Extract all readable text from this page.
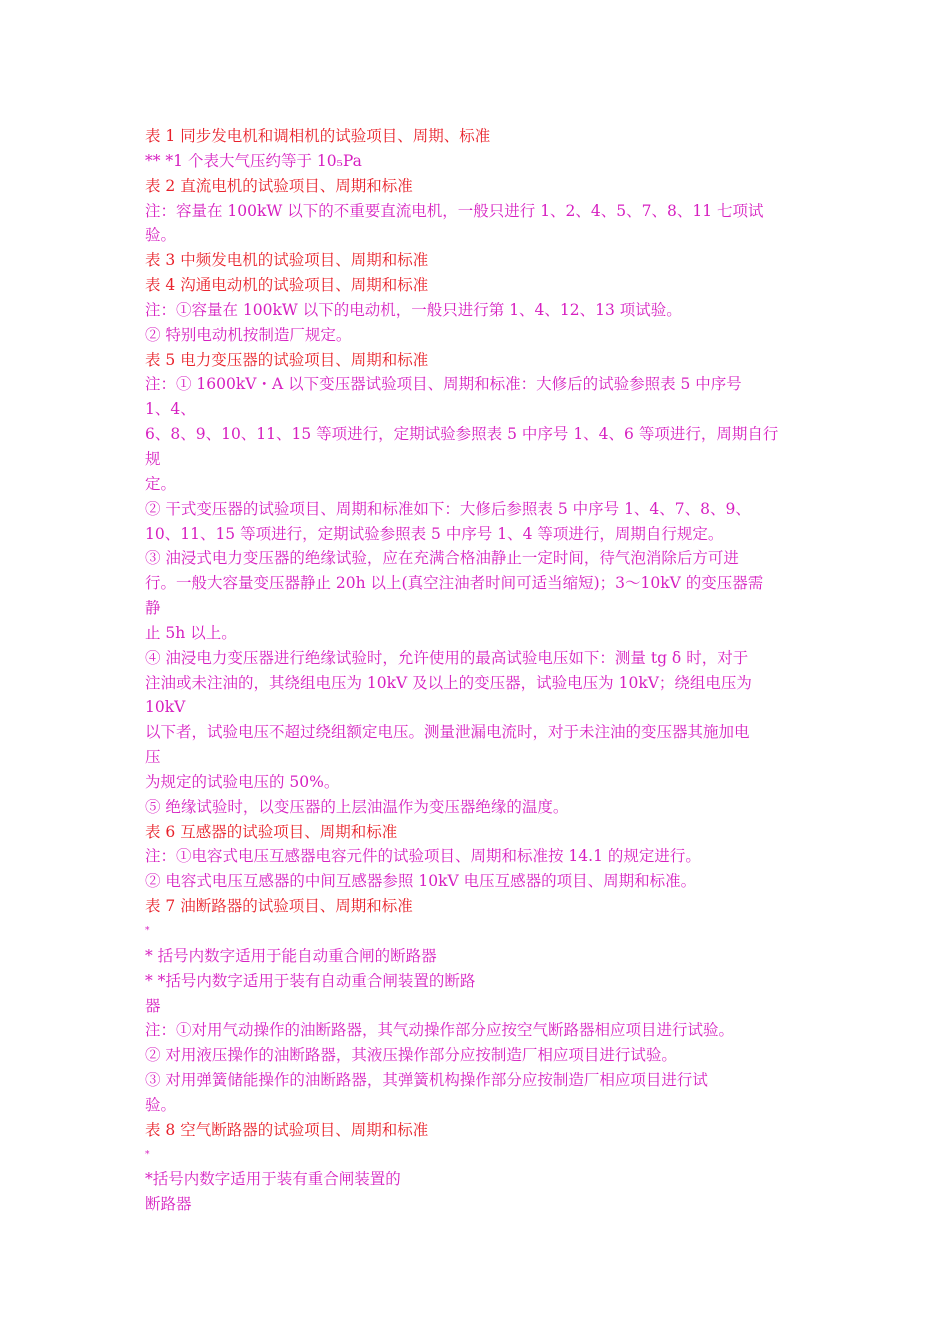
表 1 同步发电机和调相机的试验项目、周期、标准
** *1 个表大气压约等于 10₅Pa
表 2 直流电机的试验项目、周期和标准
注：容量在 100kW 以下的不重要直流电机，一般只进行 1、2、4、5、7、8、11 七项试
验。
表 3 中频发电机的试验项目、周期和标准
表 4 沟通电动机的试验项目、周期和标准
注：①容量在 100kW 以下的电动机，一般只进行第 1、4、12、13 项试验。
② 特别电动机按制造厂规定。
表 5 电力变压器的试验项目、周期和标准
注：① 1600kV・A 以下变压器试验项目、周期和标准：大修后的试验参照表 5 中序号
1、4、
6、8、9、10、11、15 等项进行，定期试验参照表 5 中序号 1、4、6 等项进行，周期自行
规
定。
② 干式变压器的试验项目、周期和标准如下：大修后参照表 5 中序号 1、4、7、8、9、
10、11、15 等项进行，定期试验参照表 5 中序号 1、4 等项进行，周期自行规定。
③ 油浸式电力变压器的绝缘试验，应在充满合格油静止一定时间，待气泡消除后方可进
行。一般大容量变压器静止 20h 以上(真空注油者时间可适当缩短)；3～10kV 的变压器需
静
止 5h 以上。
④ 油浸电力变压器进行绝缘试验时，允许使用的最高试验电压如下：测量 tg δ 时，对于
注油或未注油的，其绕组电压为 10kV 及以上的变压器，试验电压为 10kV；绕组电压为
10kV
以下者，试验电压不超过绕组额定电压。测量泄漏电流时，对于未注油的变压器其施加电
压
为规定的试验电压的 50%。
⑤ 绝缘试验时，以变压器的上层油温作为变压器绝缘的温度。
表 6 互感器的试验项目、周期和标准
注：①电容式电压互感器电容元件的试验项目、周期和标准按 14.1 的规定进行。
② 电容式电压互感器的中间互感器参照 10kV 电压互感器的项目、周期和标准。
表 7 油断路器的试验项目、周期和标准
*
* 括号内数字适用于能自动重合闸的断路器
* *括号内数字适用于装有自动重合闸装置的断路
器
注：①对用气动操作的油断路器，其气动操作部分应按空气断路器相应项目进行试验。
② 对用液压操作的油断路器，其液压操作部分应按制造厂相应项目进行试验。
③ 对用弹簧储能操作的油断路器，其弹簧机构操作部分应按制造厂相应项目进行试
验。
表 8 空气断路器的试验项目、周期和标准
*
*括号内数字适用于装有重合闸装置的
断路器
